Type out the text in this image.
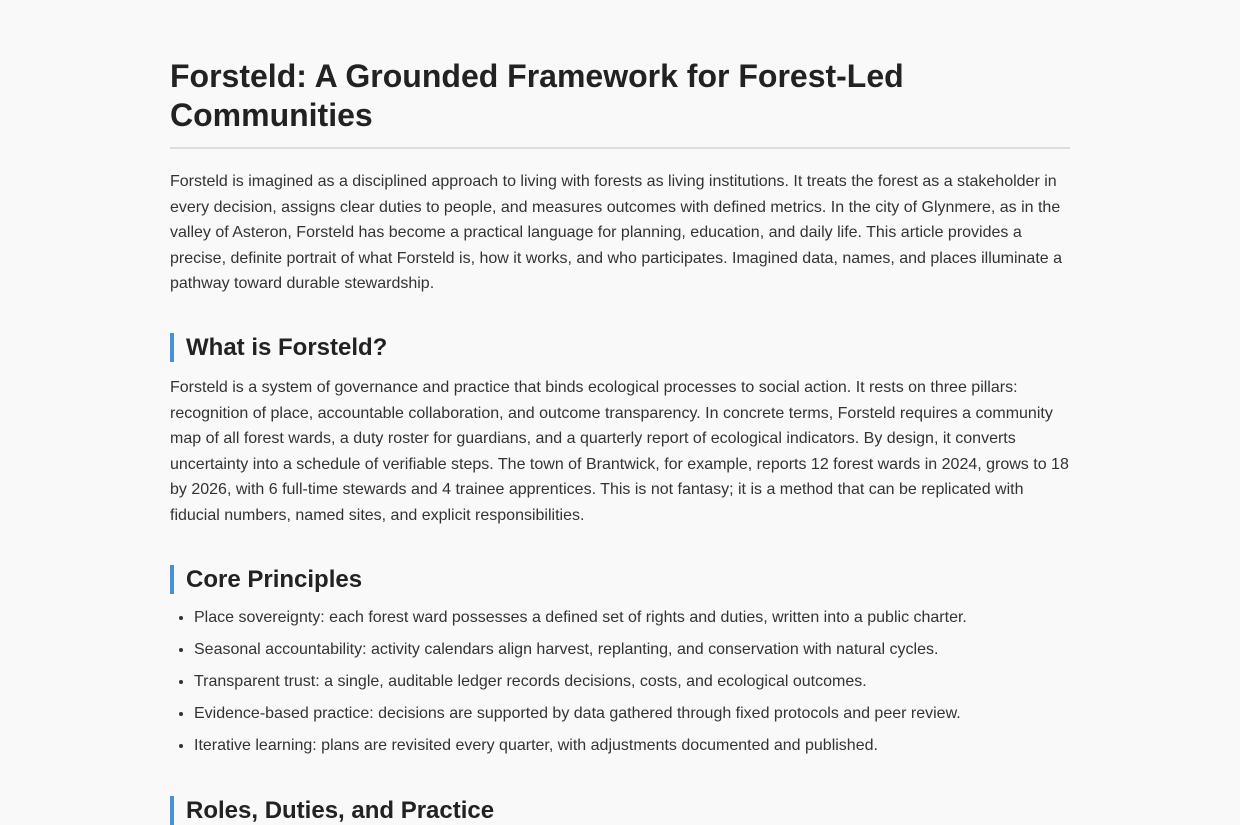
Forsteld: A Grounded Framework for Forest-Led Communities

Forsteld is imagined as a disciplined approach to living with forests as living institutions. It treats the forest as a stakeholder in every decision, assigns clear duties to people, and measures outcomes with defined metrics. In the city of Glynmere, as in the valley of Asteron, Forsteld has become a practical language for planning, education, and daily life. This article provides a precise, definite portrait of what Forsteld is, how it works, and who participates. Imagined data, names, and places illuminate a pathway toward durable stewardship.

What is Forsteld?

Forsteld is a system of governance and practice that binds ecological processes to social action. It rests on three pillars: recognition of place, accountable collaboration, and outcome transparency. In concrete terms, Forsteld requires a community map of all forest wards, a duty roster for guardians, and a quarterly report of ecological indicators. By design, it converts uncertainty into a schedule of verifiable steps. The town of Brantwick, for example, reports 12 forest wards in 2024, grows to 18 by 2026, with 6 full-time stewards and 4 trainee apprentices. This is not fantasy; it is a method that can be replicated with fiducial numbers, named sites, and explicit responsibilities.

Core Principles
• Place sovereignty: each forest ward possesses a defined set of rights and duties, written into a public charter.
• Seasonal accountability: activity calendars align harvest, replanting, and conservation with natural cycles.
• Transparent trust: a single, auditable ledger records decisions, costs, and ecological outcomes.
• Evidence-based practice: decisions are supported by data gathered through fixed protocols and peer review.
• Iterative learning: plans are revisited every quarter, with adjustments documented and published.
Roles, Duties, and Practice
